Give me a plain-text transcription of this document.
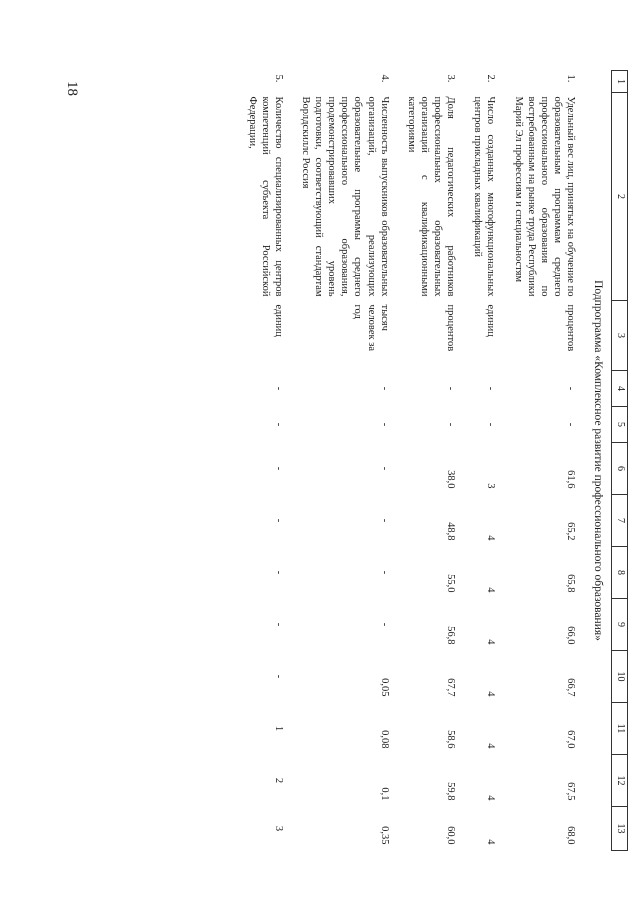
18	1	2	3	4	5	6	7	8	9	10	11	12	13
Подпрограмма «Комплексное развитие профессионального образования»												
1.	Удельный вес лиц, принятых на обучение по образовательным программам среднего профессионального образования по востребованным на рынке труда Республики Марий Эл профессиям и специальностям	процентов	-	-	61,6	65,2	65,8	66,0	66,7	67,0	67,5	68,0
2.	Число созданных многофункциональных центров прикладных квалификаций	единиц	-	-	3	4	4	4	4	4	4	4
3.	Доля педагогических работников профессиональных образовательных организаций с квалификационными категориями	процентов	-	-	38,0	48,8	55,0	56,8	67,7	58,6	59,8	60,0
4.	Численность выпускников образовательных организаций, реализующих образовательные программы среднего профессионального образования, продемонстрировавших уровень подготовки, соответствующий стандартам Ворлдскиллс Россия	тысяч человек за год	-	-	-	-	-	-	0,05	0,08	0,1	0,35
5.	Количество специализированных центров компетенций субъекта Российской Федерации,	единиц	-	-	-	-	-	-	-	1	2	3
